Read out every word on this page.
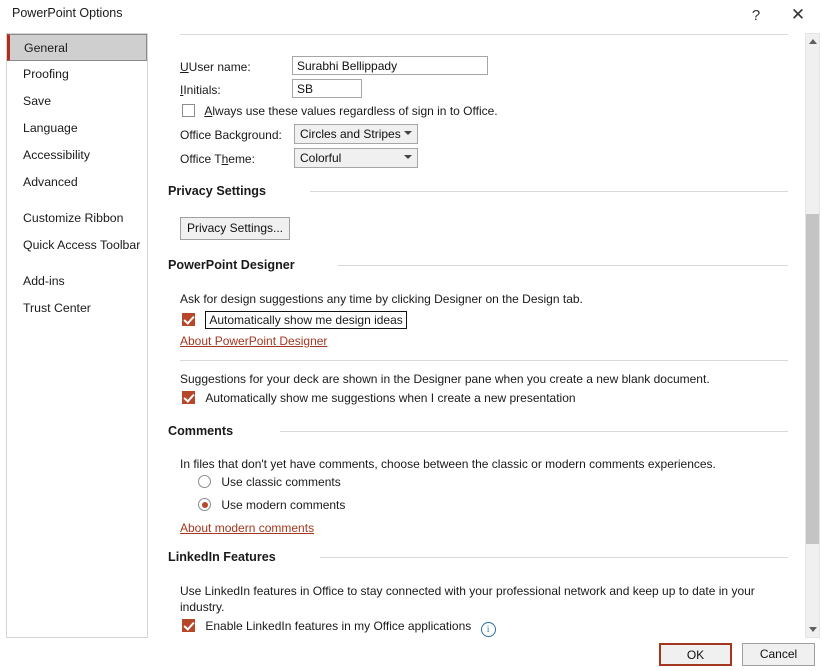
PowerPoint Options	? ✕
General
Proofing
Save
Language
Accessibility
Advanced
Customize Ribbon
Quick Access Toolbar
Add-ins
Trust Center
UUser name:	Surabhi Bellippady
IInitials:	SB
Always use these values regardless of sign in to Office.
Office Background: Circles and Stripes
Office Theme:	Colorful
Privacy Settings
Privacy Settings...
PowerPoint Designer
Ask for design suggestions any time by clicking Designer on the Design tab.
Automatically show me design ideas
About PowerPoint Designer
Suggestions for your deck are shown in the Designer pane when you create a new blank document.
Automatically show me suggestions when I create a new presentation
Comments
In files that don't yet have comments, choose between the classic or modern comments experiences.
Use classic comments
Use modern comments
About modern comments
LinkedIn Features
Use LinkedIn features in Office to stay connected with your professional network and keep up to date in your
industry.
Enable LinkedIn features in my Office applications i
OK	Cancel
